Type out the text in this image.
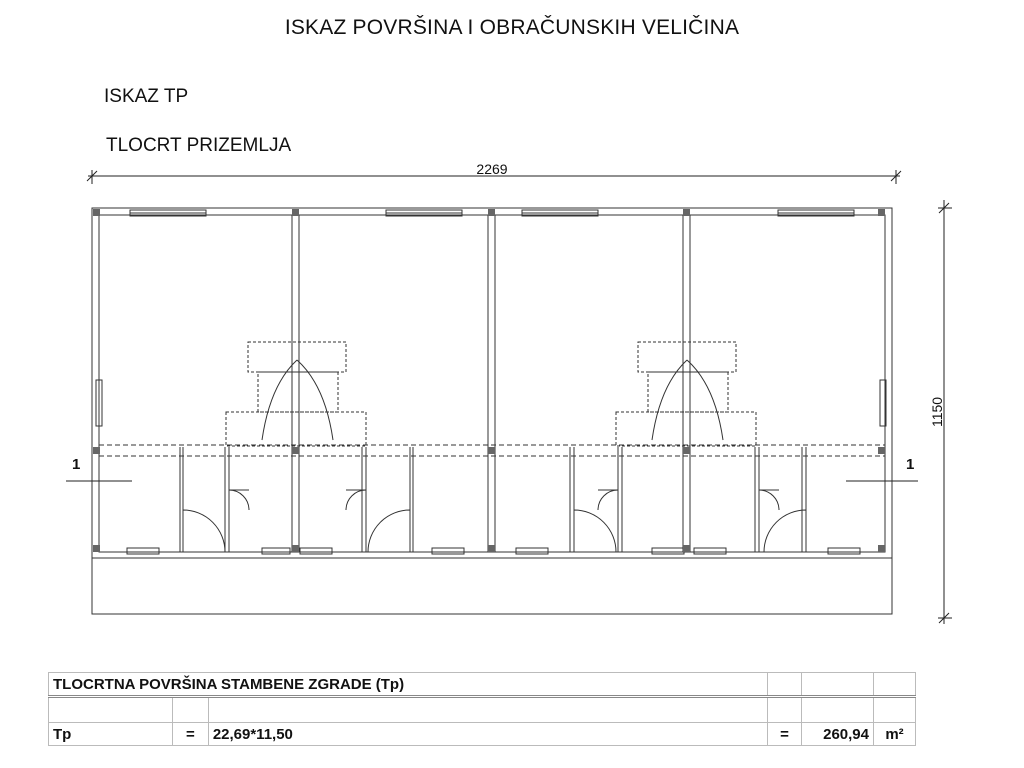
ISKAZ POVRŠINA I OBRAČUNSKIH VELIČINA
ISKAZ TP
TLOCRT PRIZEMLJA
2269
1150
1	1
TLOCRTNA POVRŠINA STAMBENE ZGRADE (Tp)					

Tp	=	22,69*11,50	=	260,94	m²
